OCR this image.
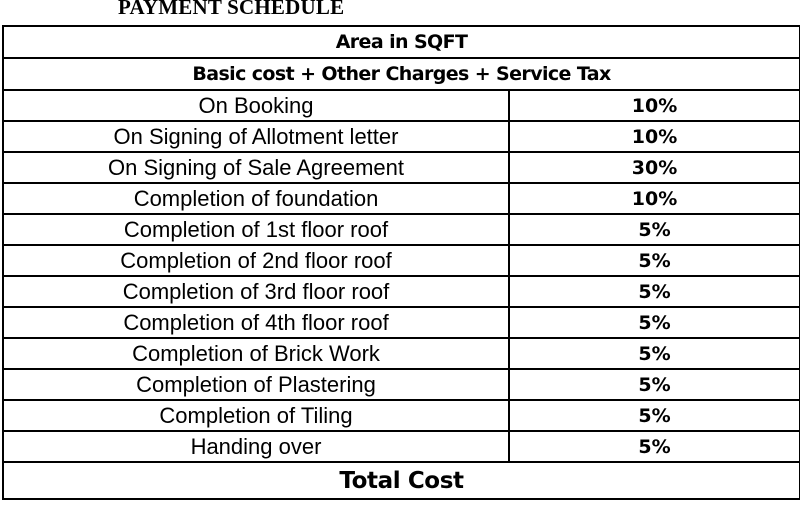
PAYMENT SCHEDULE
Area in SQFT	
Basic cost + Other Charges + Service Tax	
On Booking	10%
On Signing of Allotment letter	10%
On Signing of Sale Agreement	30%
Completion of foundation	10%
Completion of 1st floor roof	5%
Completion of 2nd floor roof	5%
Completion of 3rd floor roof	5%
Completion of 4th floor roof	5%
Completion of Brick Work	5%
Completion of Plastering	5%
Completion of Tiling	5%
Handing over	5%
Total Cost	
